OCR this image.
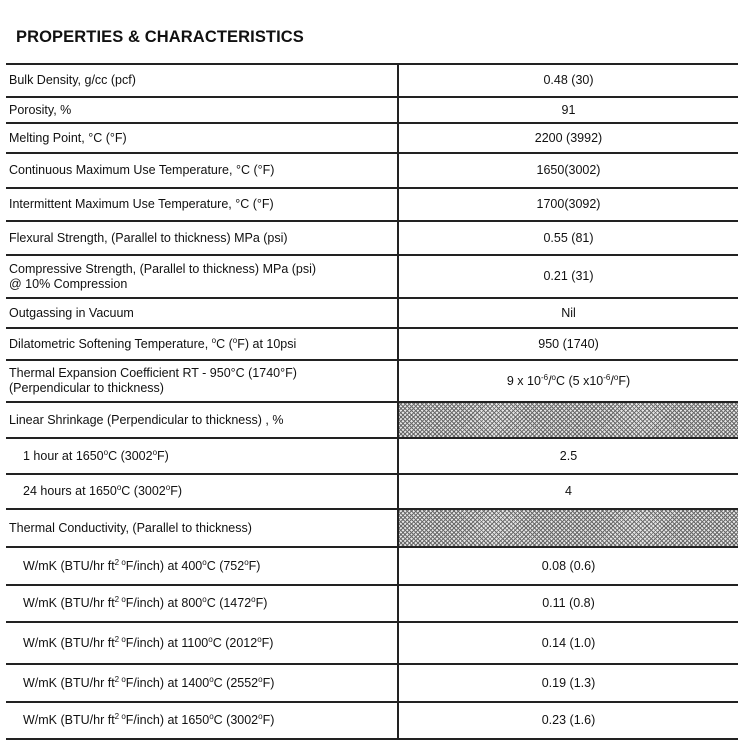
PROPERTIES & CHARACTERISTICS
Bulk Density, g/cc (pcf)	0.48 (30)
Porosity, %	91
Melting Point, °C (°F)	2200 (3992)
Continuous Maximum Use Temperature, °C (°F)	1650(3002)
Intermittent Maximum Use Temperature, °C (°F)	1700(3092)
Flexural Strength, (Parallel to thickness) MPa (psi)	0.55 (81)
Compressive Strength, (Parallel to thickness) MPa (psi)
@ 10% Compression	0.21 (31)
Outgassing in Vacuum	Nil
Dilatometric Softening Temperature, $^o$C ($^o$F) at 10psi	950 (1740)
Thermal Expansion Coefficient RT - 950°C (1740°F)
(Perpendicular to thickness)	9 x $10^{-6}/^oC$ (5 $x10^{-6}/^oF$)
Linear Shrinkage (Perpendicular to thickness) , %	
1 hour at 1650$^o$C (3002$^o$F)	2.5
24 hours at 1650$^o$C (3002$^o$F)	4
Thermal Conductivity, (Parallel to thickness)	
W/mK (BTU/hr $ft^2$ $^o$F/inch) at 400$^o$C (752$^o$F)	0.08 (0.6)
W/mK (BTU/hr $ft^2$ $^o$F/inch) at 800$^o$C (1472$^o$F)	0.11 (0.8)
W/mK (BTU/hr $ft^2$ $^o$F/inch) at 1100$^o$C (2012$^o$F)	0.14 (1.0)
W/mK (BTU/hr $ft^2$ $^o$F/inch) at 1400$^o$C (2552$^o$F)	0.19 (1.3)
W/mK (BTU/hr $ft^2$ $^o$F/inch) at 1650$^o$C (3002$^o$F)	0.23 (1.6)
